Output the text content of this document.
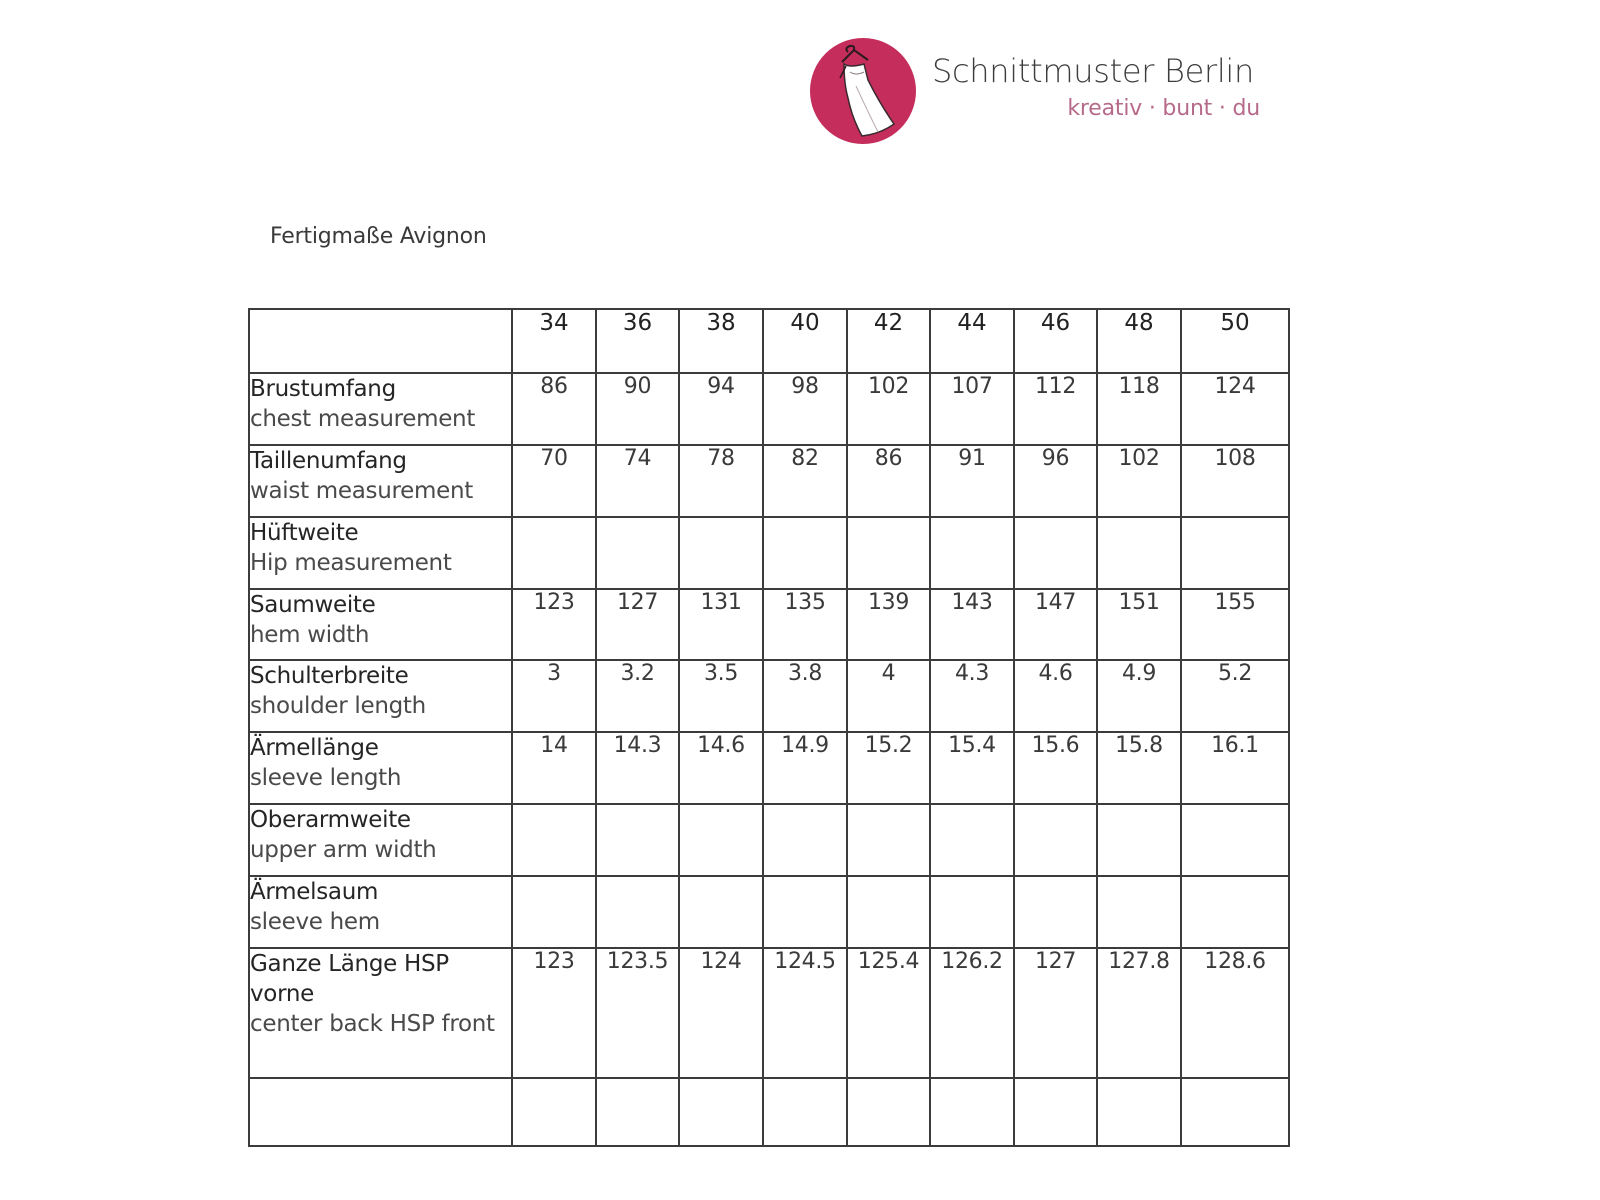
Schnittmuster Berlin
kreativ · bunt · du
Fertigmaße Avignon
	34	36	38	40	42	44	46	48	50

Brustumfang
chest measurement	86	90	94	98	102	107	112	118	124

Taillenumfang
waist measurement	70	74	78	82	86	91	96	102	108

Hüftweite
Hip measurement									

Saumweite
hem width	123	127	131	135	139	143	147	151	155

Schulterbreite
shoulder length	3	3.2	3.5	3.8	4	4.3	4.6	4.9	5.2

Ärmellänge
sleeve length	14	14.3	14.6	14.9	15.2	15.4	15.6	15.8	16.1

Oberarmweite
upper arm width									

Ärmelsaum
sleeve hem									

Ganze Länge HSP vorne
center back HSP front	123	123.5	124	124.5	125.4	126.2	127	127.8	128.6
